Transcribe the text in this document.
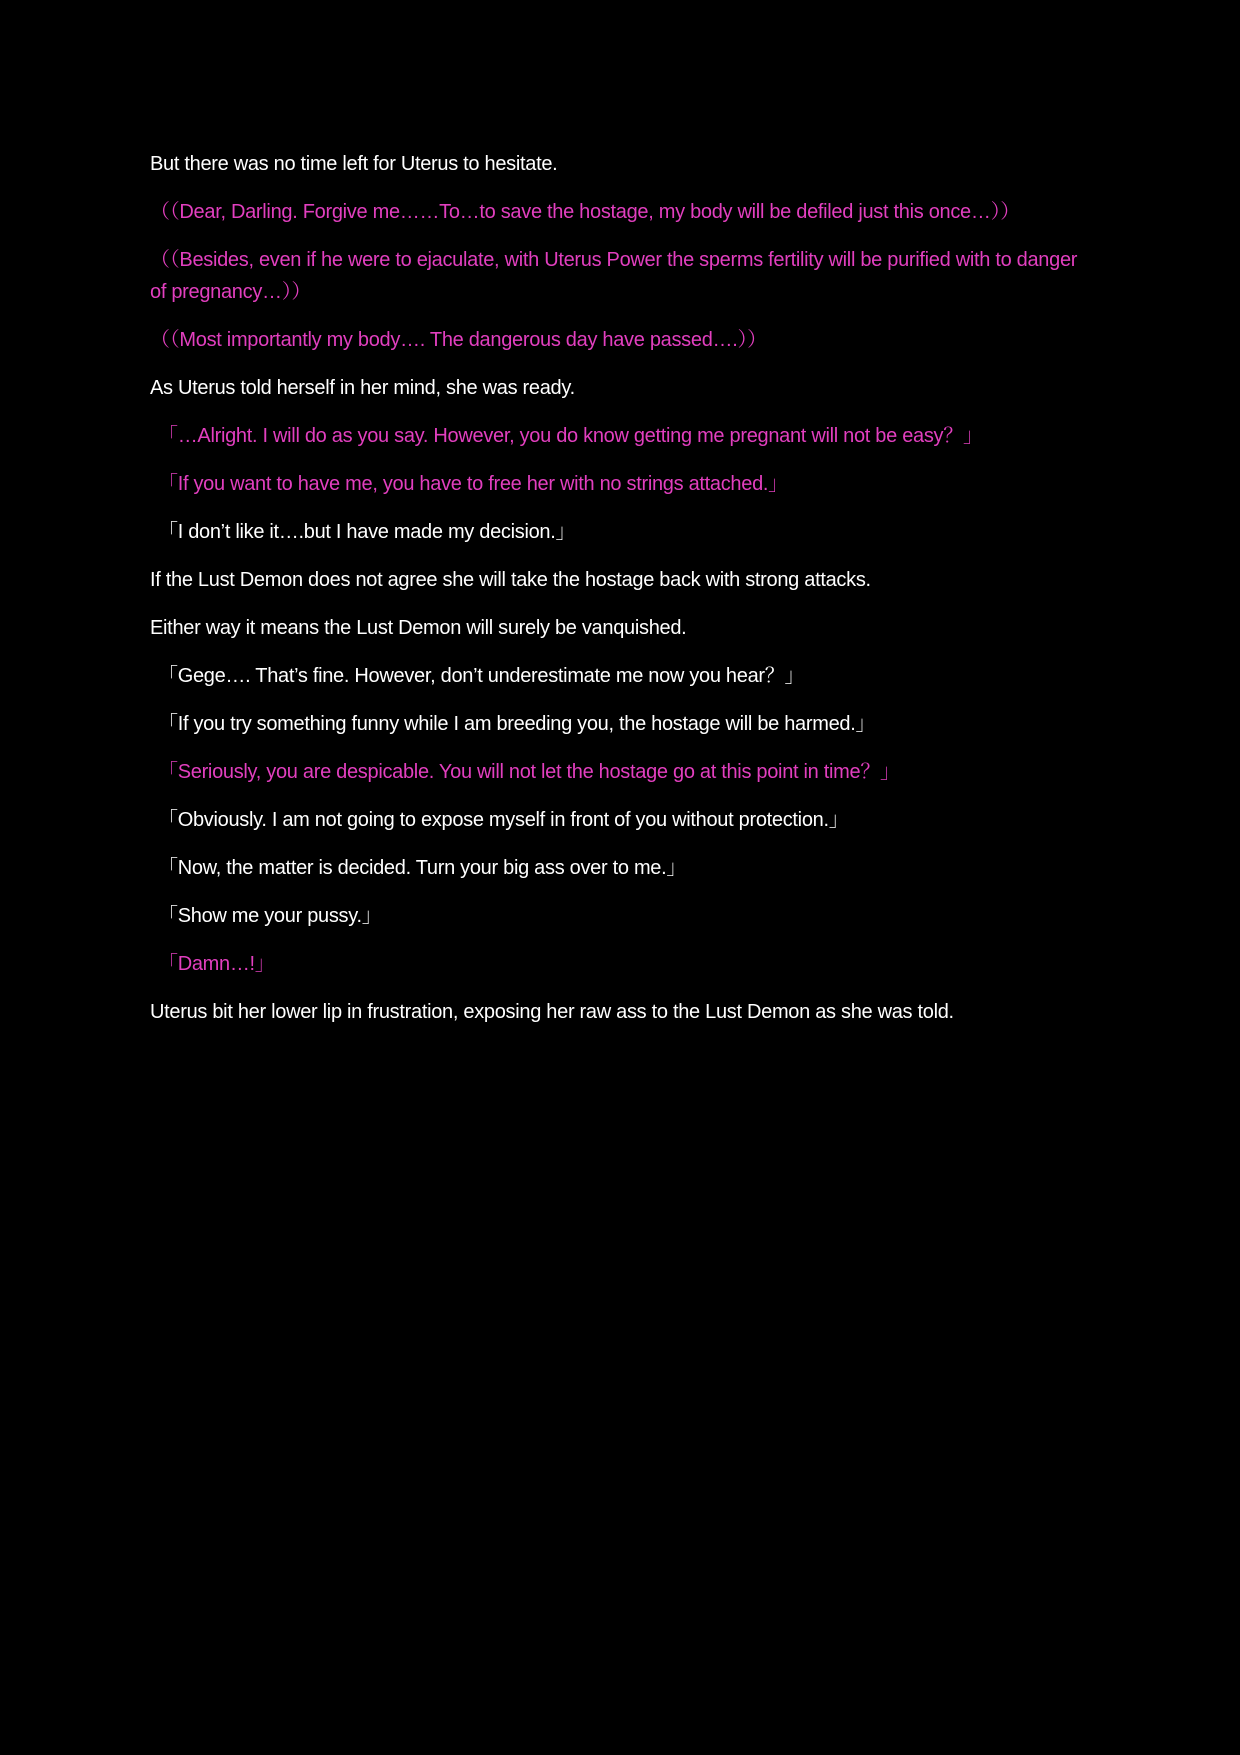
But there was no time left for Uterus to hesitate.

（（Dear, Darling. Forgive me……To…to save the hostage, my body will be defiled just this once…））

（（Besides, even if he were to ejaculate, with Uterus Power the sperms fertility will be purified with to danger of pregnancy…））

（（Most importantly my body…. The dangerous day have passed….））

As Uterus told herself in her mind, she was ready.

「…Alright. I will do as you say. However, you do know getting me pregnant will not be easy？」

「If you want to have me, you have to free her with no strings attached.」

「I don’t like it….but I have made my decision.」

If the Lust Demon does not agree she will take the hostage back with strong attacks.

Either way it means the Lust Demon will surely be vanquished.

「Gege…. That’s fine. However, don’t underestimate me now you hear？」

「If you try something funny while I am breeding you, the hostage will be harmed.」

「Seriously, you are despicable. You will not let the hostage go at this point in time？」

「Obviously. I am not going to expose myself in front of you without protection.」

「Now, the matter is decided. Turn your big ass over to me.」

「Show me your pussy.」

「Damn…!」

Uterus bit her lower lip in frustration, exposing her raw ass to the Lust Demon as she was told.
